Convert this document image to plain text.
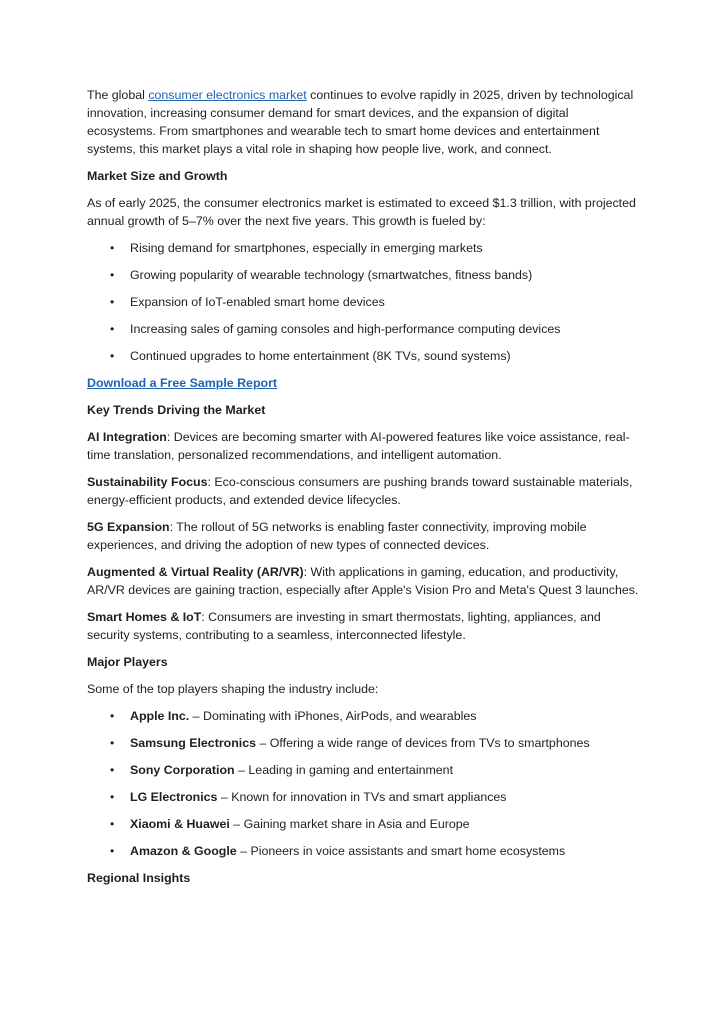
The global consumer electronics market continues to evolve rapidly in 2025, driven by technological innovation, increasing consumer demand for smart devices, and the expansion of digital ecosystems. From smartphones and wearable tech to smart home devices and entertainment systems, this market plays a vital role in shaping how people live, work, and connect.

Market Size and Growth

As of early 2025, the consumer electronics market is estimated to exceed $1.3 trillion, with projected annual growth of 5–7% over the next five years. This growth is fueled by:

• Rising demand for smartphones, especially in emerging markets
• Growing popularity of wearable technology (smartwatches, fitness bands)
• Expansion of IoT-enabled smart home devices
• Increasing sales of gaming consoles and high-performance computing devices
• Continued upgrades to home entertainment (8K TVs, sound systems)

Download a Free Sample Report

Key Trends Driving the Market

AI Integration: Devices are becoming smarter with AI-powered features like voice assistance, real-time translation, personalized recommendations, and intelligent automation.

Sustainability Focus: Eco-conscious consumers are pushing brands toward sustainable materials, energy-efficient products, and extended device lifecycles.

5G Expansion: The rollout of 5G networks is enabling faster connectivity, improving mobile experiences, and driving the adoption of new types of connected devices.

Augmented & Virtual Reality (AR/VR): With applications in gaming, education, and productivity, AR/VR devices are gaining traction, especially after Apple's Vision Pro and Meta's Quest 3 launches.

Smart Homes & IoT: Consumers are investing in smart thermostats, lighting, appliances, and security systems, contributing to a seamless, interconnected lifestyle.

Major Players

Some of the top players shaping the industry include:

• Apple Inc. – Dominating with iPhones, AirPods, and wearables
• Samsung Electronics – Offering a wide range of devices from TVs to smartphones
• Sony Corporation – Leading in gaming and entertainment
• LG Electronics – Known for innovation in TVs and smart appliances
• Xiaomi & Huawei – Gaining market share in Asia and Europe
• Amazon & Google – Pioneers in voice assistants and smart home ecosystems

Regional Insights
